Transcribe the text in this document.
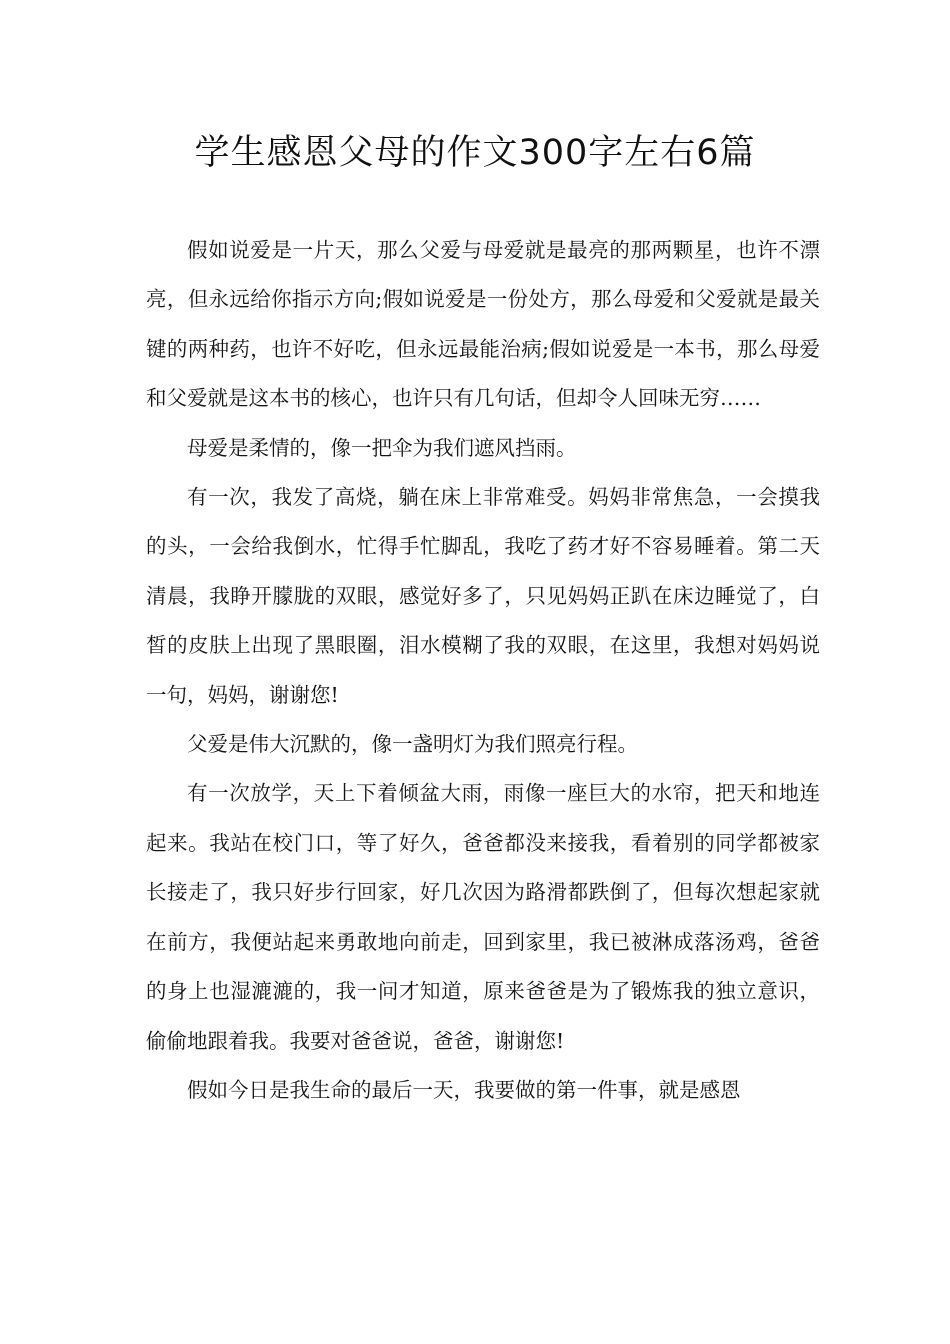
学生感恩父母的作文300字左右6篇

假如说爱是一片天，那么父爱与母爱就是最亮的那两颗星，也许不漂亮，但永远给你指示方向;假如说爱是一份处方，那么母爱和父爱就是最关键的两种药，也许不好吃，但永远最能治病;假如说爱是一本书，那么母爱和父爱就是这本书的核心，也许只有几句话，但却令人回味无穷……

母爱是柔情的，像一把伞为我们遮风挡雨。

有一次，我发了高烧，躺在床上非常难受。妈妈非常焦急，一会摸我的头，一会给我倒水，忙得手忙脚乱，我吃了药才好不容易睡着。第二天清晨，我睁开朦胧的双眼，感觉好多了，只见妈妈正趴在床边睡觉了，白皙的皮肤上出现了黑眼圈，泪水模糊了我的双眼，在这里，我想对妈妈说一句，妈妈，谢谢您!

父爱是伟大沉默的，像一盏明灯为我们照亮行程。

有一次放学，天上下着倾盆大雨，雨像一座巨大的水帘，把天和地连起来。我站在校门口，等了好久，爸爸都没来接我，看着别的同学都被家长接走了，我只好步行回家，好几次因为路滑都跌倒了，但每次想起家就在前方，我便站起来勇敢地向前走，回到家里，我已被淋成落汤鸡，爸爸的身上也湿漉漉的，我一问才知道，原来爸爸是为了锻炼我的独立意识，偷偷地跟着我。我要对爸爸说，爸爸，谢谢您!

假如今日是我生命的最后一天，我要做的第一件事，就是感恩
